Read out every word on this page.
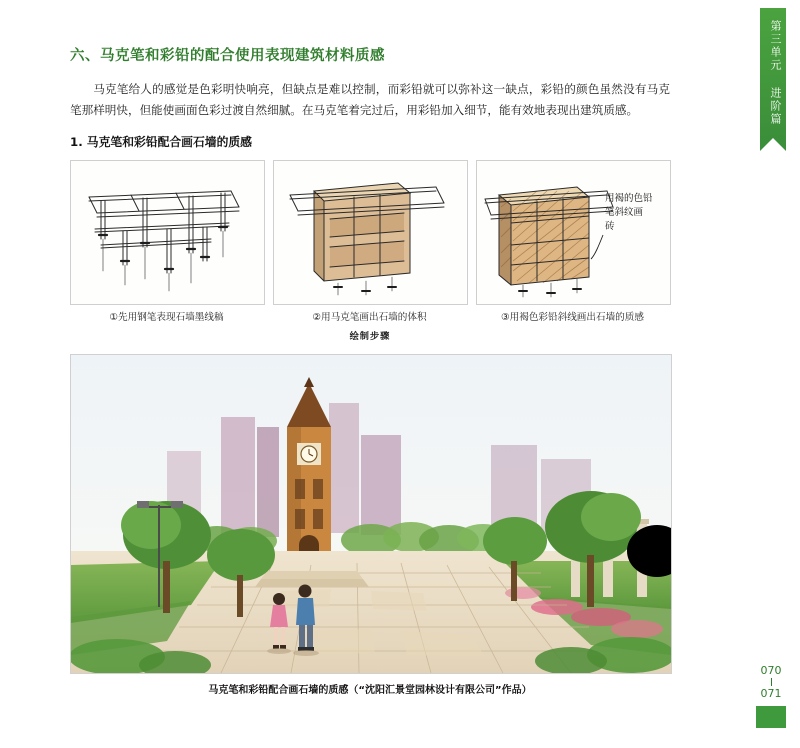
第三单元 进阶篇
070
071
六、马克笔和彩铅的配合使用表现建筑材料质感

马克笔给人的感觉是色彩明快响亮，但缺点是难以控制，而彩铅就可以弥补这一缺点，彩铅的颜色虽然没有马克笔那样明快，但能使画面色彩过渡自然细腻。在马克笔着完过后，用彩铅加入细节，能有效地表现出建筑质感。

1. 马克笔和彩铅配合画石墙的质感
①先用钢笔表现石墙墨线稿	②用马克笔画出石墙的体积
用褐的色铅
笔斜纹画
砖
③用褐色彩铅斜线画出石墙的质感
绘制步骤
马克笔和彩铅配合画石墙的质感（“沈阳汇景堂园林设计有限公司”作品）
